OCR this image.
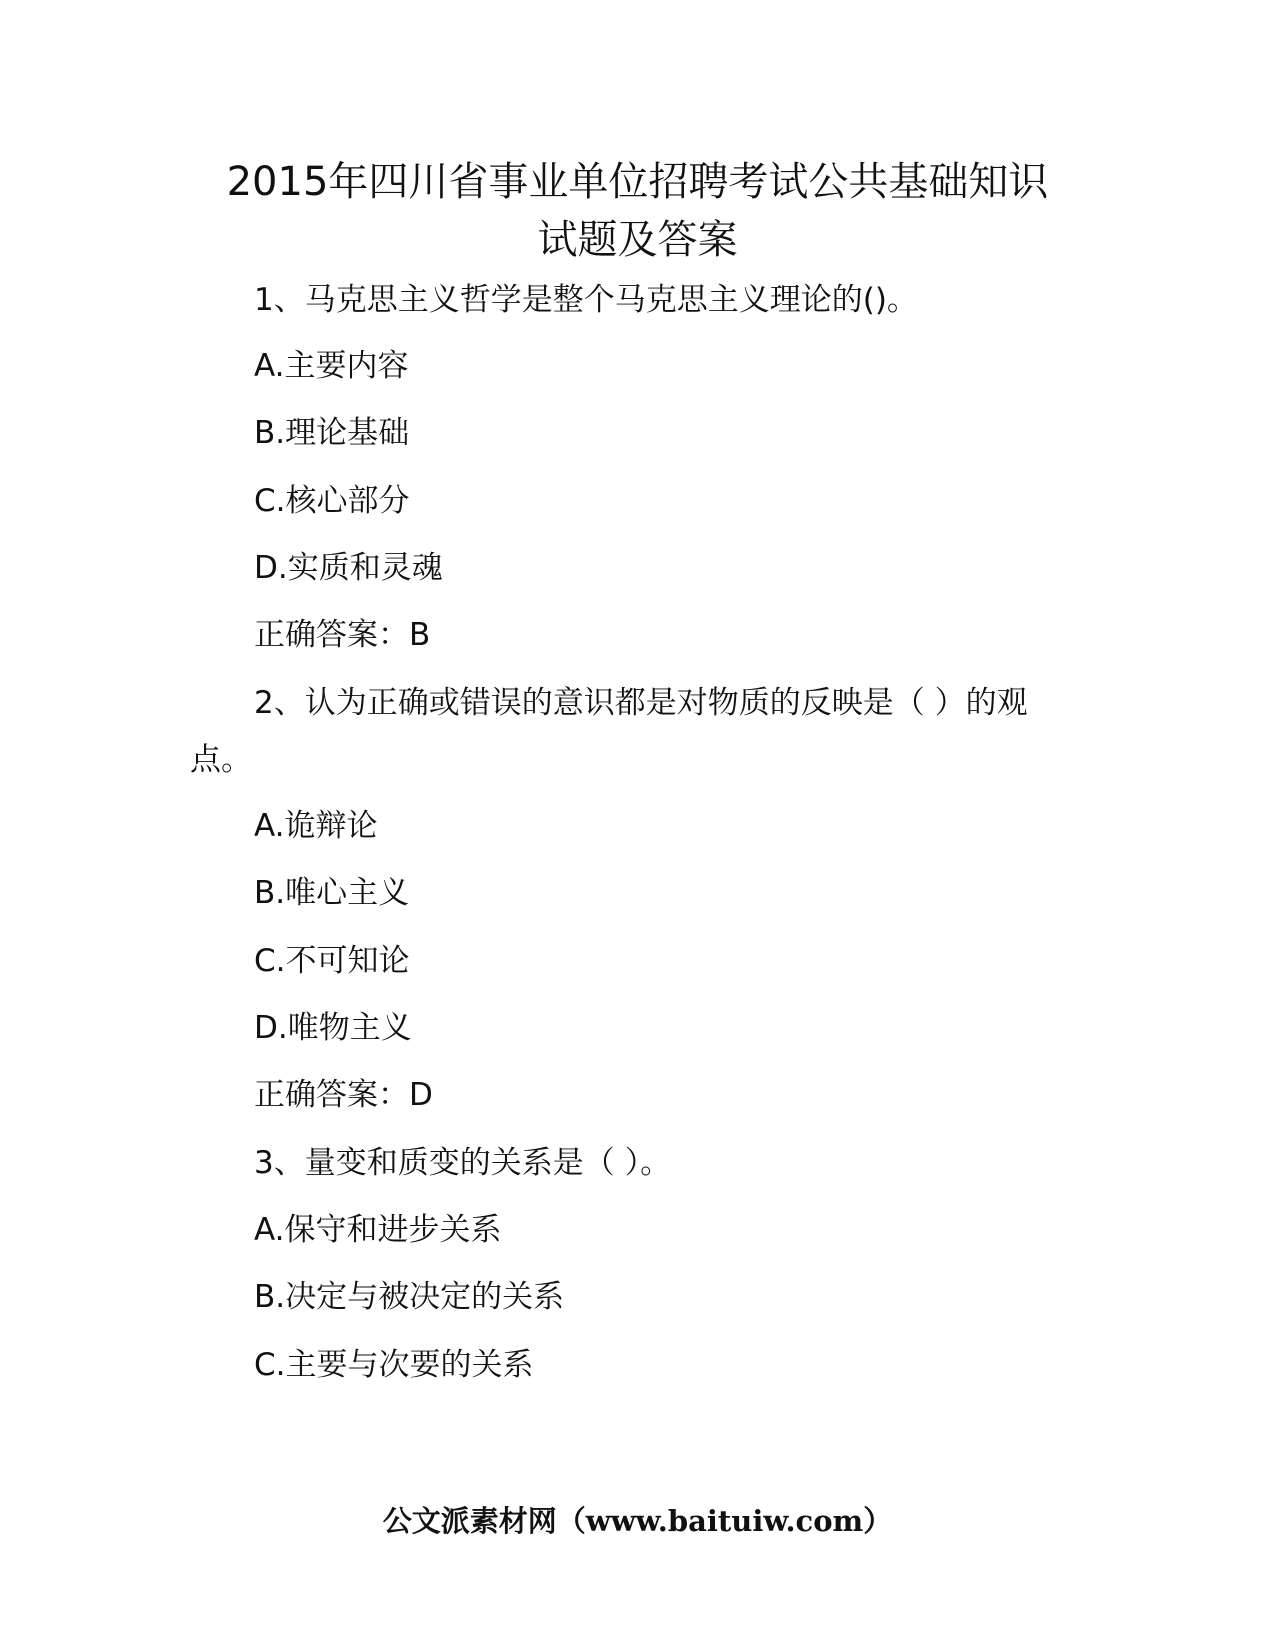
2015年四川省事业单位招聘考试公共基础知识
试题及答案

1、马克思主义哲学是整个马克思主义理论的()。

A.主要内容

B.理论基础

C.核心部分

D.实质和灵魂

正确答案：B

2、认为正确或错误的意识都是对物质的反映是（ ）的观

点。

A.诡辩论

B.唯心主义

C.不可知论

D.唯物主义

正确答案：D

3、量变和质变的关系是（ ）。

A.保守和进步关系

B.决定与被决定的关系

C.主要与次要的关系

公文派素材网（www.baituiw.com）
